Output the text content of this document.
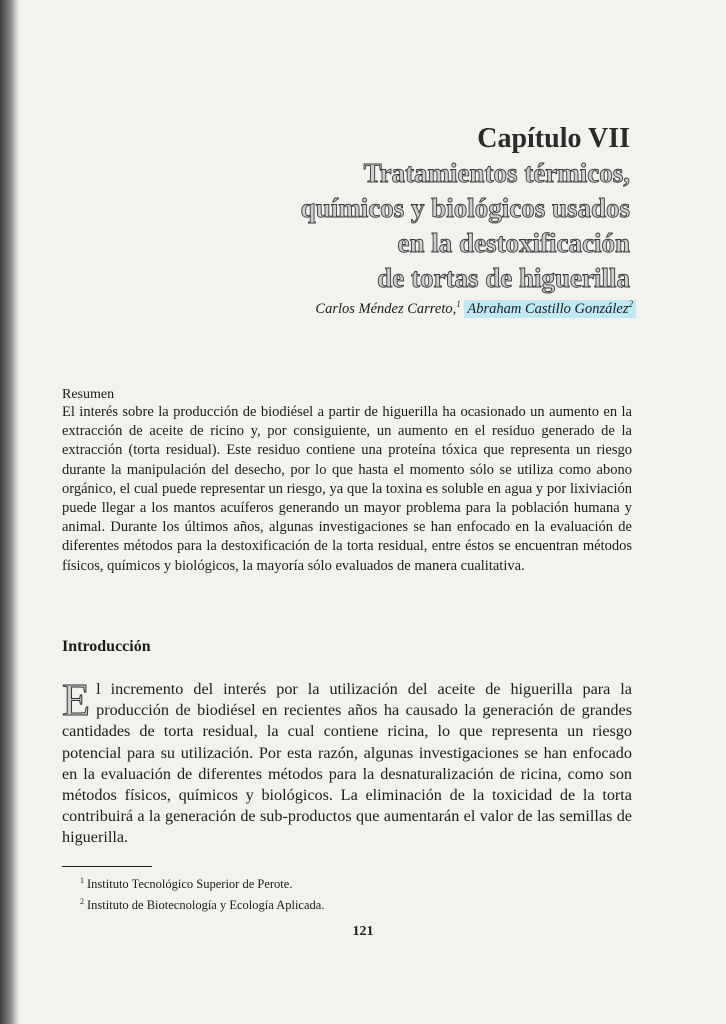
Capítulo VII
Tratamientos térmicos,
químicos y biológicos usados
en la destoxificación
de tortas de higuerilla
Carlos Méndez Carreto,$^1$ Abraham Castillo González$^2$
Resumen

El interés sobre la producción de biodiésel a partir de higuerilla ha ocasionado un aumento en la extracción de aceite de ricino y, por consiguiente, un aumento en el residuo generado de la extracción (torta residual). Este residuo contiene una proteína tóxica que representa un riesgo durante la manipulación del desecho, por lo que hasta el momento sólo se utiliza como abono orgánico, el cual puede representar un riesgo, ya que la toxina es soluble en agua y por lixiviación puede llegar a los mantos acuíferos generando un mayor problema para la población humana y animal. Durante los últimos años, algunas investigaciones se han enfocado en la evaluación de diferentes métodos para la destoxificación de la torta residual, entre éstos se encuentran métodos físicos, químicos y biológicos, la mayoría sólo evaluados de manera cualitativa.

Introducción
E l incremento del interés por la utilización del aceite de higuerilla para la producción de biodiésel en recientes años ha causado la generación de grandes cantidades de torta residual, la cual contiene ricina, lo que representa un riesgo potencial para su utilización. Por esta razón, algunas investigaciones se han enfocado en la evaluación de diferentes métodos para la desnaturalización de ricina, como son métodos físicos, químicos y biológicos. La eliminación de la toxicidad de la torta contribuirá a la generación de sub-productos que aumentarán el valor de las semillas de higuerilla.

$^1$ Instituto Tecnológico Superior de Perote.
$^2$ Instituto de Biotecnología y Ecología Aplicada.
121
